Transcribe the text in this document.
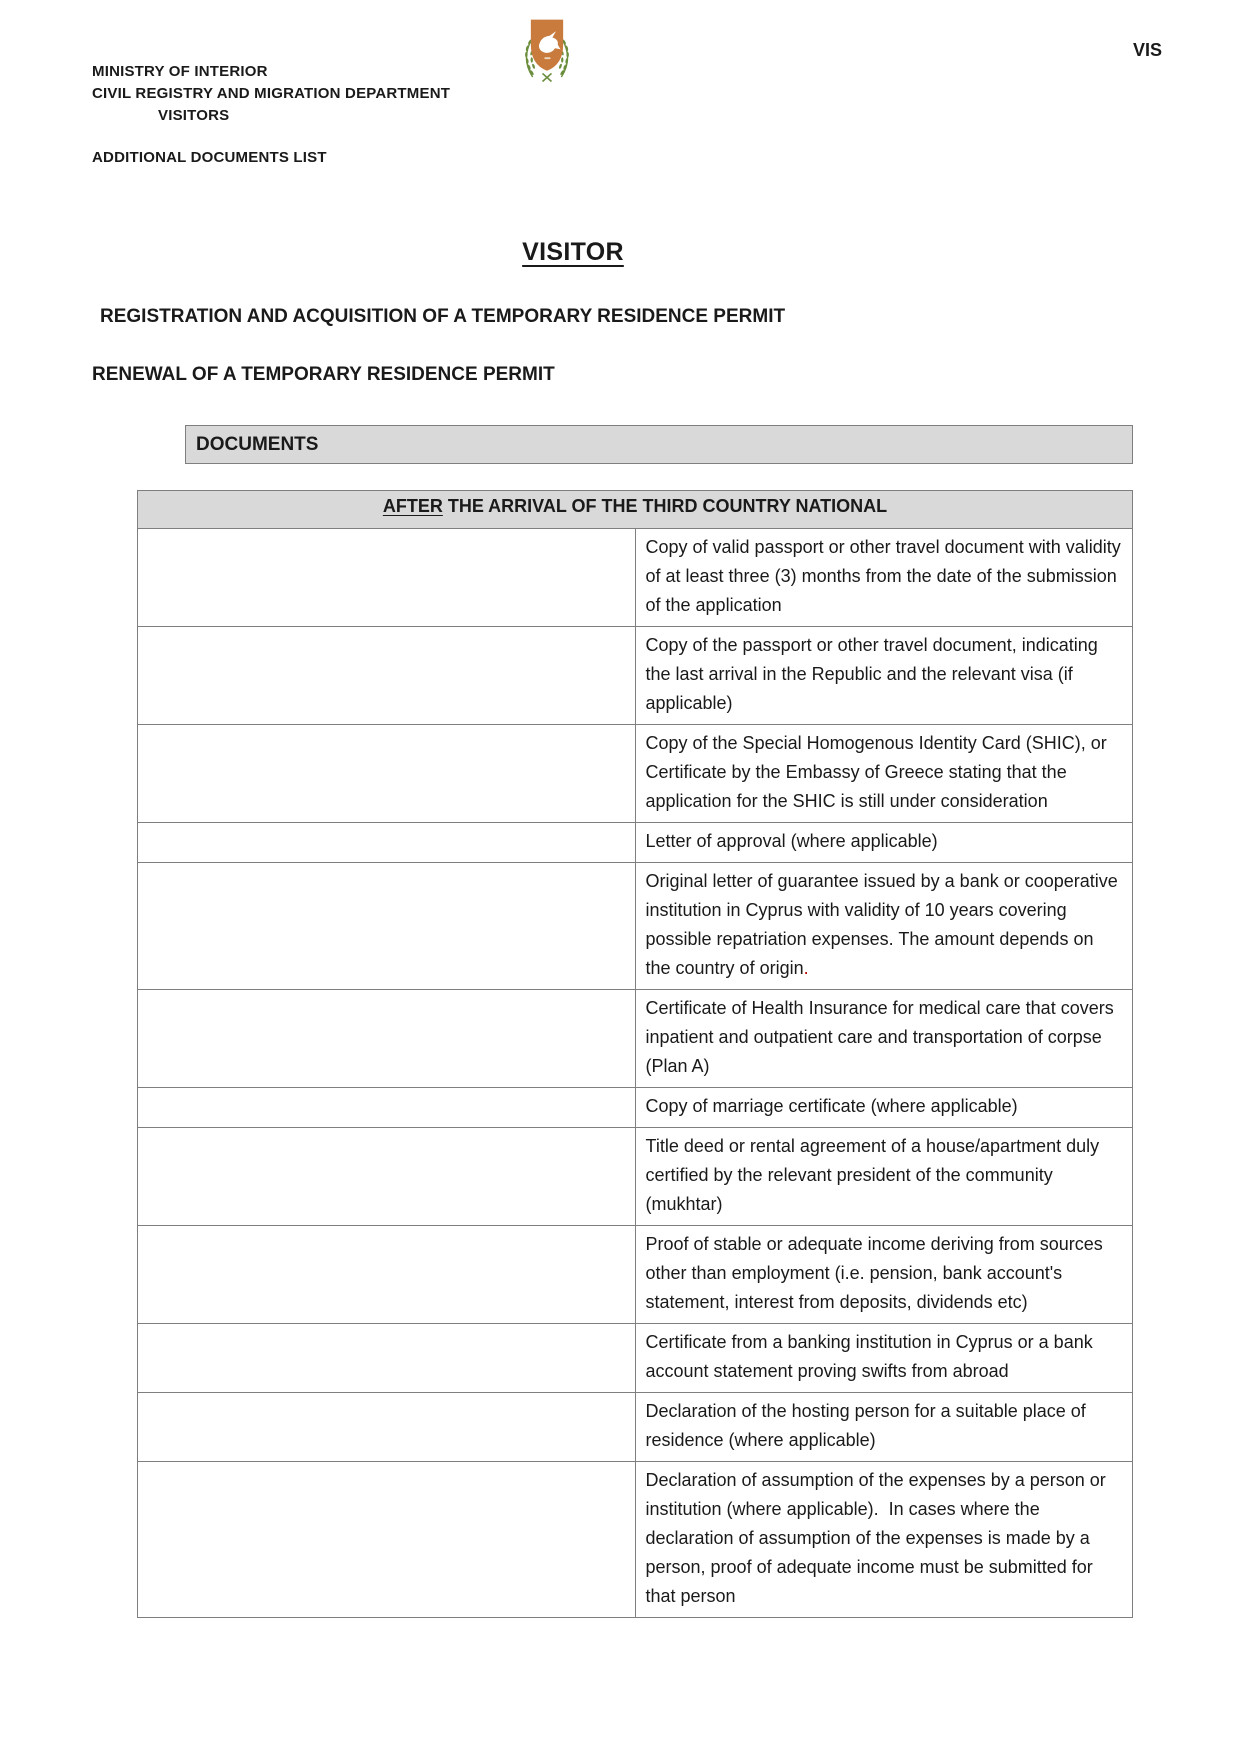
MINISTRY OF INTERIOR
CIVIL REGISTRY AND MIGRATION DEPARTMENT
VISITORS
ADDITIONAL DOCUMENTS LIST
VIS
VISITOR
REGISTRATION AND ACQUISITION OF A TEMPORARY RESIDENCE PERMIT
RENEWAL OF A TEMPORARY RESIDENCE PERMIT
DOCUMENTS
AFTER THE ARRIVAL OF THE THIRD COUNTRY NATIONAL	
	Copy of valid passport or other travel document with validity of at least three (3) months from the date of the submission of the application
	Copy of the passport or other travel document, indicating the last arrival in the Republic and the relevant visa (if applicable)
	Copy of the Special Homogenous Identity Card (SHIC), or Certificate by the Embassy of Greece stating that the application for the SHIC is still under consideration
	Letter of approval (where applicable)
	Original letter of guarantee issued by a bank or cooperative institution in Cyprus with validity of 10 years covering possible repatriation expenses. The amount depends on the country of origin.
	Certificate of Health Insurance for medical care that covers inpatient and outpatient care and transportation of corpse (Plan A)
	Copy of marriage certificate (where applicable)
	Title deed or rental agreement of a house/apartment duly certified by the relevant president of the community (mukhtar)
	Proof of stable or adequate income deriving from sources other than employment (i.e. pension, bank account's statement, interest from deposits, dividends etc)
	Certificate from a banking institution in Cyprus or a bank account statement proving swifts from abroad
	Declaration of the hosting person for a suitable place of residence (where applicable)
	Declaration of assumption of the expenses by a person or institution (where applicable).  In cases where the declaration of assumption of the expenses is made by a person, proof of adequate income must be submitted for that person
